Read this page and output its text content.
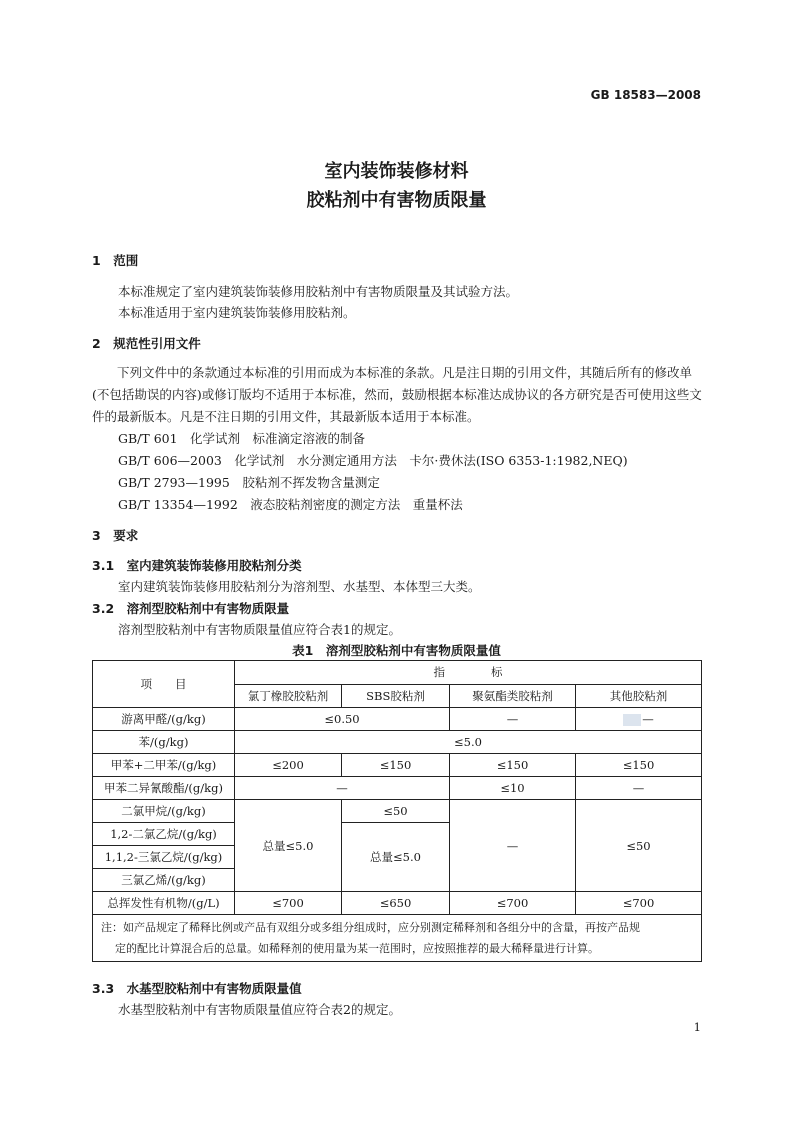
GB 18583—2008
室内装饰装修材料
胶粘剂中有害物质限量
1　范围
本标准规定了室内建筑装饰装修用胶粘剂中有害物质限量及其试验方法。
本标准适用于室内建筑装饰装修用胶粘剂。
2　规范性引用文件
下列文件中的条款通过本标准的引用而成为本标准的条款。凡是注日期的引用文件，其随后所有的修改单(不包括勘误的内容)或修订版均不适用于本标准，然而，鼓励根据本标准达成协议的各方研究是否可使用这些文件的最新版本。凡是不注日期的引用文件，其最新版本适用于本标准。
GB/T 601　化学试剂　标准滴定溶液的制备
GB/T 606—2003　化学试剂　水分测定通用方法　卡尔·费休法(ISO 6353-1:1982,NEQ)
GB/T 2793—1995　胶粘剂不挥发物含量测定
GB/T 13354—1992　液态胶粘剂密度的测定方法　重量杯法
3　要求
3.1　室内建筑装饰装修用胶粘剂分类
室内建筑装饰装修用胶粘剂分为溶剂型、水基型、本体型三大类。
3.2　溶剂型胶粘剂中有害物质限量
溶剂型胶粘剂中有害物质限量值应符合表1的规定。
表1　溶剂型胶粘剂中有害物质限量值
项　　目	指　　　　标			
	氯丁橡胶胶粘剂	SBS胶粘剂	聚氨酯类胶粘剂	其他胶粘剂
游离甲醛/(g/kg)	≤0.50		—	—
苯/(g/kg)	≤5.0			
甲苯+二甲苯/(g/kg)	≤200	≤150	≤150	≤150
甲苯二异氰酸酯/(g/kg)	—		≤10	—
二氯甲烷/(g/kg)	总量≤5.0	≤50	—	≤50
1,2-二氯乙烷/(g/kg)		总量≤5.0		
1,1,2-三氯乙烷/(g/kg)				
三氯乙烯/(g/kg)				
总挥发性有机物/(g/L)	≤700	≤650	≤700	≤700

注：如产品规定了稀释比例或产品有双组分或多组分组成时，应分别测定稀释剂和各组分中的含量，再按产品规
定的配比计算混合后的总量。如稀释剂的使用量为某一范围时，应按照推荐的最大稀释量进行计算。				
3.3　水基型胶粘剂中有害物质限量值
水基型胶粘剂中有害物质限量值应符合表2的规定。
1
